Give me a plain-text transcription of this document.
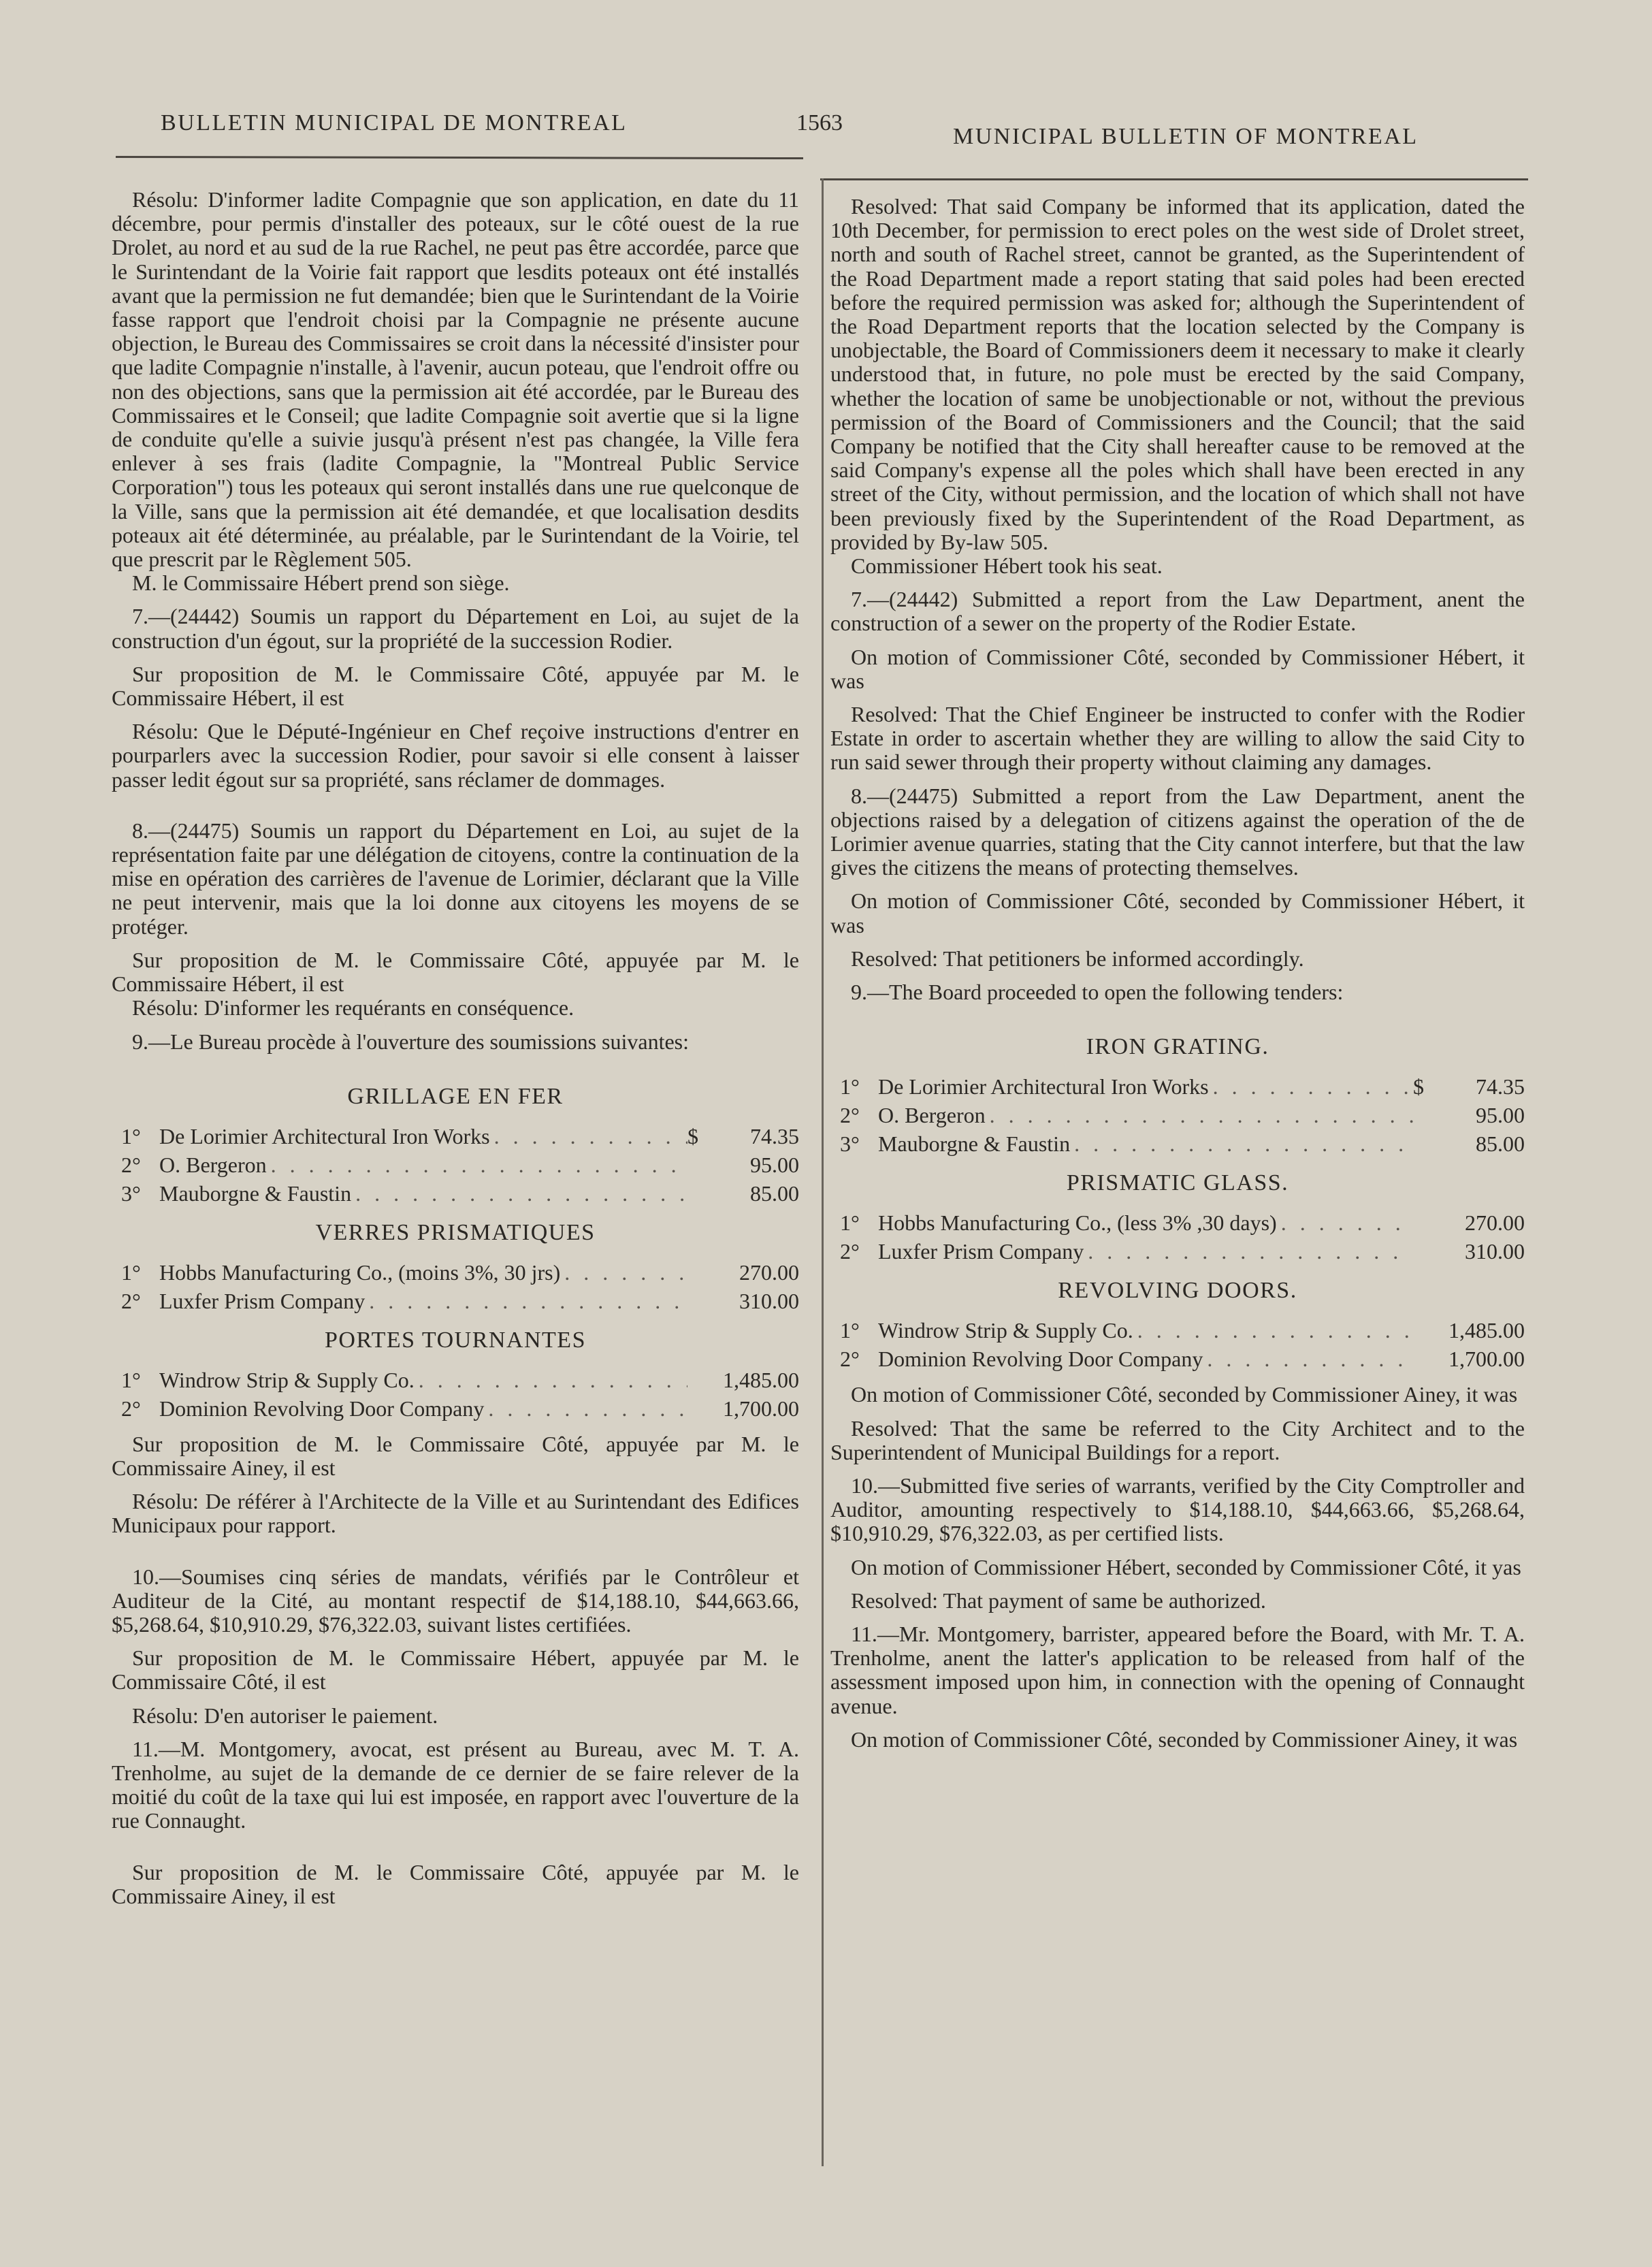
BULLETIN MUNICIPAL DE MONTREAL	1563
MUNICIPAL BULLETIN OF MONTREAL

Résolu: D'informer ladite Compagnie que son application, en date du 11 décembre, pour permis d'installer des poteaux, sur le côté ouest de la rue Drolet, au nord et au sud de la rue Rachel, ne peut pas être accordée, parce que le Surintendant de la Voirie fait rapport que lesdits poteaux ont été installés avant que la permission ne fut demandée; bien que le Surintendant de la Voirie fasse rapport que l'endroit choisi par la Compagnie ne présente aucune objection, le Bureau des Commissaires se croit dans la nécessité d'insister pour que ladite Compagnie n'installe, à l'avenir, aucun poteau, que l'endroit offre ou non des objections, sans que la permission ait été accordée, par le Bureau des Commissaires et le Conseil; que ladite Compagnie soit avertie que si la ligne de conduite qu'elle a suivie jusqu'à présent n'est pas changée, la Ville fera enlever à ses frais (ladite Compagnie, la "Montreal Public Service Corporation") tous les poteaux qui seront installés dans une rue quelconque de la Ville, sans que la permission ait été demandée, et que localisation desdits poteaux ait été déterminée, au préalable, par le Surintendant de la Voirie, tel que prescrit par le Règlement 505.

M. le Commissaire Hébert prend son siège.

7.—(24442) Soumis un rapport du Département en Loi, au sujet de la construction d'un égout, sur la propriété de la succession Rodier.

Sur proposition de M. le Commissaire Côté, appuyée par M. le Commissaire Hébert, il est

Résolu: Que le Député-Ingénieur en Chef reçoive instructions d'entrer en pourparlers avec la succession Rodier, pour savoir si elle consent à laisser passer ledit égout sur sa propriété, sans réclamer de dommages.

8.—(24475) Soumis un rapport du Département en Loi, au sujet de la représentation faite par une délégation de citoyens, contre la continuation de la mise en opération des carrières de l'avenue de Lorimier, déclarant que la Ville ne peut intervenir, mais que la loi donne aux citoyens les moyens de se protéger.

Sur proposition de M. le Commissaire Côté, appuyée par M. le Commissaire Hébert, il est

Résolu: D'informer les requérants en conséquence.

9.—Le Bureau procède à l'ouverture des soumissions suivantes:

GRILLAGE EN FER
1° De Lorimier Architectural Iron Works . . .	$	74.35
2° O. Bergeron . . .	95.00
3° Mauborgne & Faustin . . .	85.00
VERRES PRISMATIQUES
1° Hobbs Manufacturing Co., (moins 3%, 30 jrs) . . .	270.00
2° Luxfer Prism Company . . .	310.00
PORTES TOURNANTES
1° Windrow Strip & Supply Co. . . .	1,485.00
2° Dominion Revolving Door Company . . .	1,700.00

Sur proposition de M. le Commissaire Côté, appuyée par M. le Commissaire Ainey, il est

Résolu: De référer à l'Architecte de la Ville et au Surintendant des Edifices Municipaux pour rapport.

10.—Soumises cinq séries de mandats, vérifiés par le Contrôleur et Auditeur de la Cité, au montant respectif de $14,188.10, $44,663.66, $5,268.64, $10,910.29, $76,322.03, suivant listes certifiées.

Sur proposition de M. le Commissaire Hébert, appuyée par M. le Commissaire Côté, il est

Résolu: D'en autoriser le paiement.

11.—M. Montgomery, avocat, est présent au Bureau, avec M. T. A. Trenholme, au sujet de la demande de ce dernier de se faire relever de la moitié du coût de la taxe qui lui est imposée, en rapport avec l'ouverture de la rue Connaught.

Sur proposition de M. le Commissaire Côté, appuyée par M. le Commissaire Ainey, il est

Resolved: That said Company be informed that its application, dated the 10th December, for permission to erect poles on the west side of Drolet street, north and south of Rachel street, cannot be granted, as the Superintendent of the Road Department made a report stating that said poles had been erected before the required permission was asked for; although the Superintendent of the Road Department reports that the location selected by the Company is unobjectable, the Board of Commissioners deem it necessary to make it clearly understood that, in future, no pole must be erected by the said Company, whether the location of same be unobjectionable or not, without the previous permission of the Board of Commissioners and the Council; that the said Company be notified that the City shall hereafter cause to be removed at the said Company's expense all the poles which shall have been erected in any street of the City, without permission, and the location of which shall not have been previously fixed by the Superintendent of the Road Department, as provided by By-law 505.

Commissioner Hébert took his seat.

7.—(24442) Submitted a report from the Law Department, anent the construction of a sewer on the property of the Rodier Estate.

On motion of Commissioner Côté, seconded by Commissioner Hébert, it was

Resolved: That the Chief Engineer be instructed to confer with the Rodier Estate in order to ascertain whether they are willing to allow the said City to run said sewer through their property without claiming any damages.

8.—(24475) Submitted a report from the Law Department, anent the objections raised by a delegation of citizens against the operation of the de Lorimier avenue quarries, stating that the City cannot interfere, but that the law gives the citizens the means of protecting themselves.

On motion of Commissioner Côté, seconded by Commissioner Hébert, it was

Resolved: That petitioners be informed accordingly.

9.—The Board proceeded to open the following tenders:

IRON GRATING.
1° De Lorimier Architectural Iron Works . . .	$	74.35
2° O. Bergeron . . .	95.00
3° Mauborgne & Faustin . . .	85.00
PRISMATIC GLASS.
1° Hobbs Manufacturing Co., (less 3% ,30 days) . . .	270.00
2° Luxfer Prism Company . . .	310.00
REVOLVING DOORS.
1° Windrow Strip & Supply Co. . . .	1,485.00
2° Dominion Revolving Door Company . . .	1,700.00

On motion of Commissioner Côté, seconded by Commissioner Ainey, it was

Resolved: That the same be referred to the City Architect and to the Superintendent of Municipal Buildings for a report.

10.—Submitted five series of warrants, verified by the City Comptroller and Auditor, amounting respectively to $14,188.10, $44,663.66, $5,268.64, $10,910.29, $76,322.03, as per certified lists.

On motion of Commissioner Hébert, seconded by Commissioner Côté, it yas

Resolved: That payment of same be authorized.

11.—Mr. Montgomery, barrister, appeared before the Board, with Mr. T. A. Trenholme, anent the latter's application to be released from half of the assessment imposed upon him, in connection with the opening of Connaught avenue.

On motion of Commissioner Côté, seconded by Commissioner Ainey, it was
